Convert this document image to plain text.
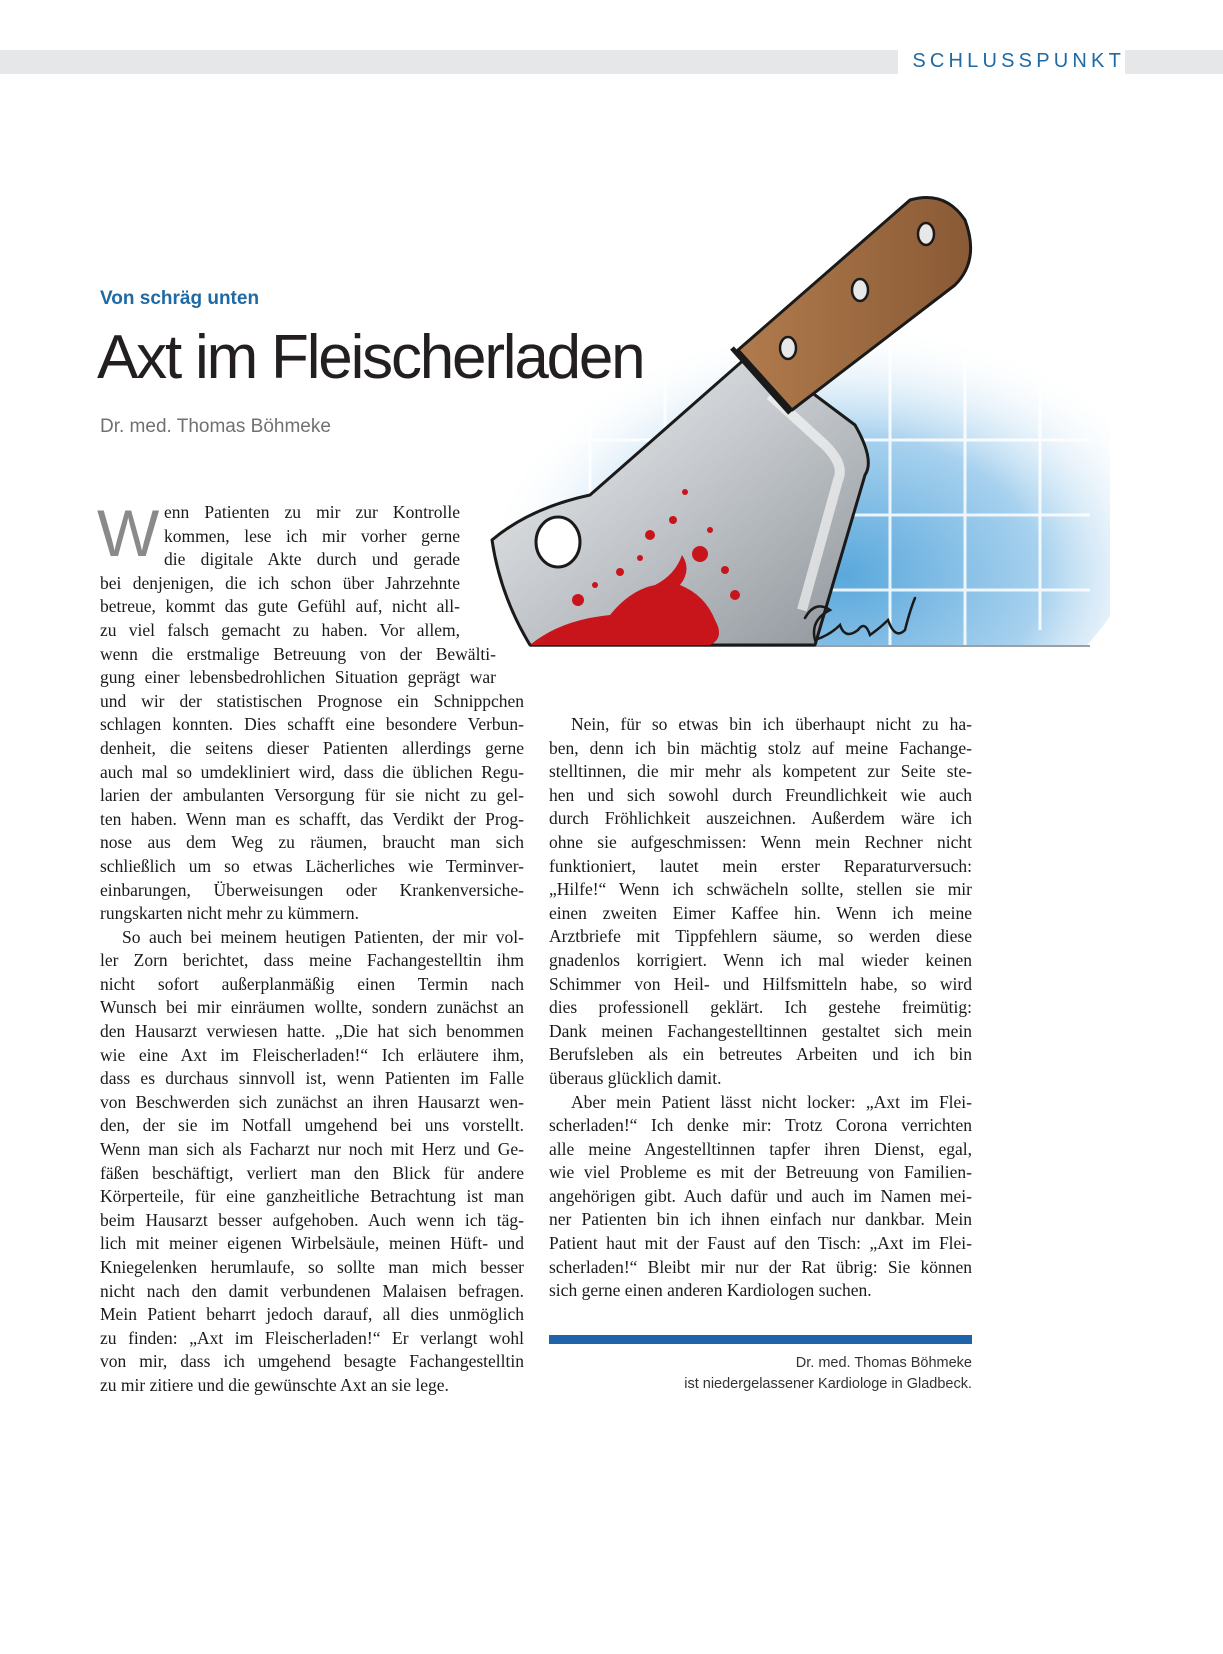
SCHLUSSPUNKT
Von schräg unten
Axt im Fleischerladen
Dr. med. Thomas Böhmeke
W enn Patienten zu mir zur Kontrolle
kommen, lese ich mir vorher gerne
die digitale Akte durch und gerade
bei denjenigen, die ich schon über Jahrzehnte
betreue, kommt das gute Gefühl auf, nicht all-
zu viel falsch gemacht zu haben. Vor allem,
wenn die erstmalige Betreuung von der Bewälti-
gung einer lebensbedrohlichen Situation geprägt war
und wir der statistischen Prognose ein Schnippchen
schlagen konnten. Dies schafft eine besondere Verbun-
denheit, die seitens dieser Patienten allerdings gerne
auch mal so umdekliniert wird, dass die üblichen Regu-
larien der ambulanten Versorgung für sie nicht zu gel-
ten haben. Wenn man es schafft, das Verdikt der Prog-
nose aus dem Weg zu räumen, braucht man sich
schließlich um so etwas Lächerliches wie Terminver-
einbarungen, Überweisungen oder Krankenversiche-
rungskarten nicht mehr zu kümmern.
So auch bei meinem heutigen Patienten, der mir vol-
ler Zorn berichtet, dass meine Fachangestelltin ihm
nicht sofort außerplanmäßig einen Termin nach
Wunsch bei mir einräumen wollte, sondern zunächst an
den Hausarzt verwiesen hatte. „Die hat sich benommen
wie eine Axt im Fleischerladen!“ Ich erläutere ihm,
dass es durchaus sinnvoll ist, wenn Patienten im Falle
von Beschwerden sich zunächst an ihren Hausarzt wen-
den, der sie im Notfall umgehend bei uns vorstellt.
Wenn man sich als Facharzt nur noch mit Herz und Ge-
fäßen beschäftigt, verliert man den Blick für andere
Körperteile, für eine ganzheitliche Betrachtung ist man
beim Hausarzt besser aufgehoben. Auch wenn ich täg-
lich mit meiner eigenen Wirbelsäule, meinen Hüft- und
Kniegelenken herumlaufe, so sollte man mich besser
nicht nach den damit verbundenen Malaisen befragen.
Mein Patient beharrt jedoch darauf, all dies unmöglich
zu finden: „Axt im Fleischerladen!“ Er verlangt wohl
von mir, dass ich umgehend besagte Fachangestelltin
zu mir zitiere und die gewünschte Axt an sie lege.
Nein, für so etwas bin ich überhaupt nicht zu ha-
ben, denn ich bin mächtig stolz auf meine Fachange-
stelltinnen, die mir mehr als kompetent zur Seite ste-
hen und sich sowohl durch Freundlichkeit wie auch
durch Fröhlichkeit auszeichnen. Außerdem wäre ich
ohne sie aufgeschmissen: Wenn mein Rechner nicht
funktioniert, lautet mein erster Reparaturversuch:
„Hilfe!“ Wenn ich schwächeln sollte, stellen sie mir
einen zweiten Eimer Kaffee hin. Wenn ich meine
Arztbriefe mit Tippfehlern säume, so werden diese
gnadenlos korrigiert. Wenn ich mal wieder keinen
Schimmer von Heil- und Hilfsmitteln habe, so wird
dies professionell geklärt. Ich gestehe freimütig:
Dank meinen Fachangestelltinnen gestaltet sich mein
Berufsleben als ein betreutes Arbeiten und ich bin
überaus glücklich damit.
Aber mein Patient lässt nicht locker: „Axt im Flei-
scherladen!“ Ich denke mir: Trotz Corona verrichten
alle meine Angestelltinnen tapfer ihren Dienst, egal,
wie viel Probleme es mit der Betreuung von Familien-
angehörigen gibt. Auch dafür und auch im Namen mei-
ner Patienten bin ich ihnen einfach nur dankbar. Mein
Patient haut mit der Faust auf den Tisch: „Axt im Flei-
scherladen!“ Bleibt mir nur der Rat übrig: Sie können
sich gerne einen anderen Kardiologen suchen.
Dr. med. Thomas Böhmeke
ist niedergelassener Kardiologe in Gladbeck.
